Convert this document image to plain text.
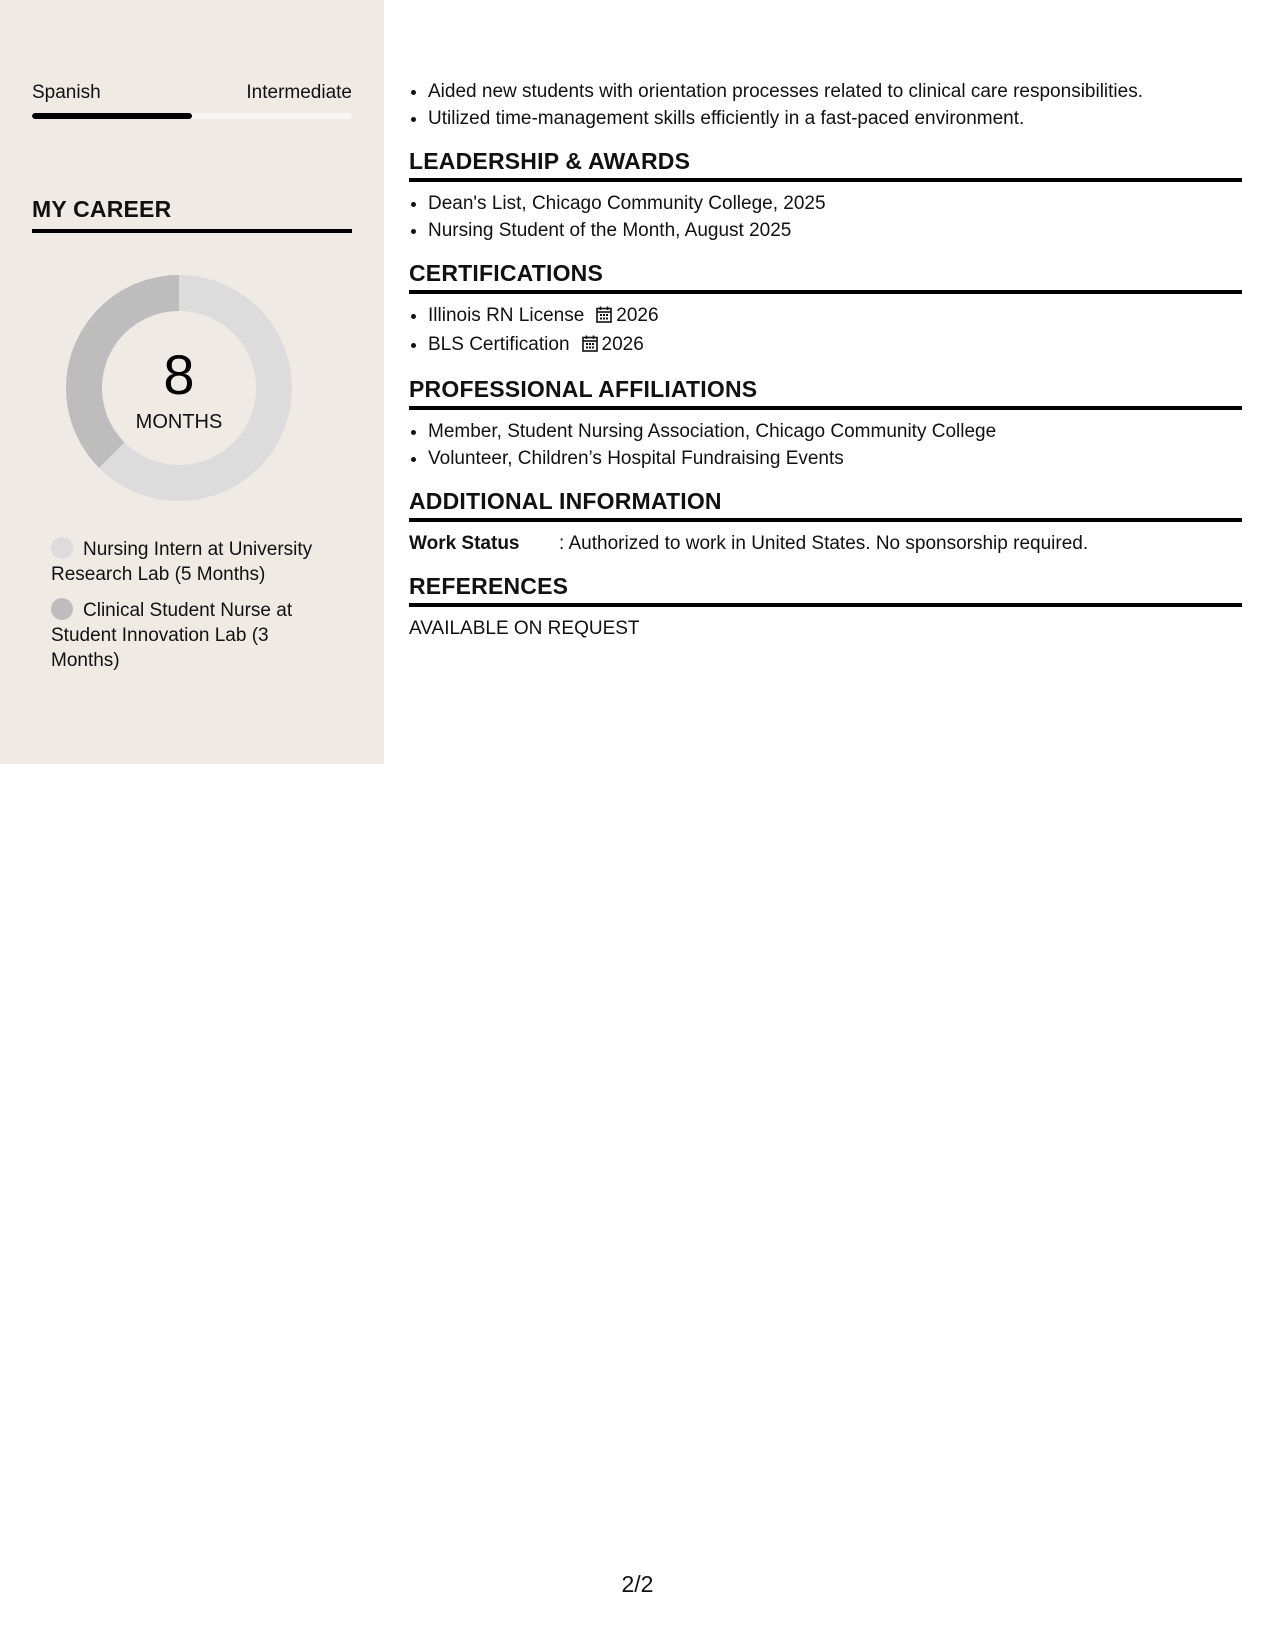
Spanish	Intermediate
MY CAREER
8
MONTHS
Nursing Intern at University Research Lab (5 Months)
Clinical Student Nurse at Student Innovation Lab (3 Months)
• Aided new students with orientation processes related to clinical care responsibilities.
• Utilized time-management skills efficiently in a fast-paced environment.
LEADERSHIP & AWARDS
• Dean's List, Chicago Community College, 2025
• Nursing Student of the Month, August 2025
CERTIFICATIONS
• Illinois RN License 2026
• BLS Certification 2026
PROFESSIONAL AFFILIATIONS
• Member, Student Nursing Association, Chicago Community College
• Volunteer, Children’s Hospital Fundraising Events
ADDITIONAL INFORMATION
Work Status	: Authorized to work in United States. No sponsorship required.
REFERENCES
AVAILABLE ON REQUEST
2/2
